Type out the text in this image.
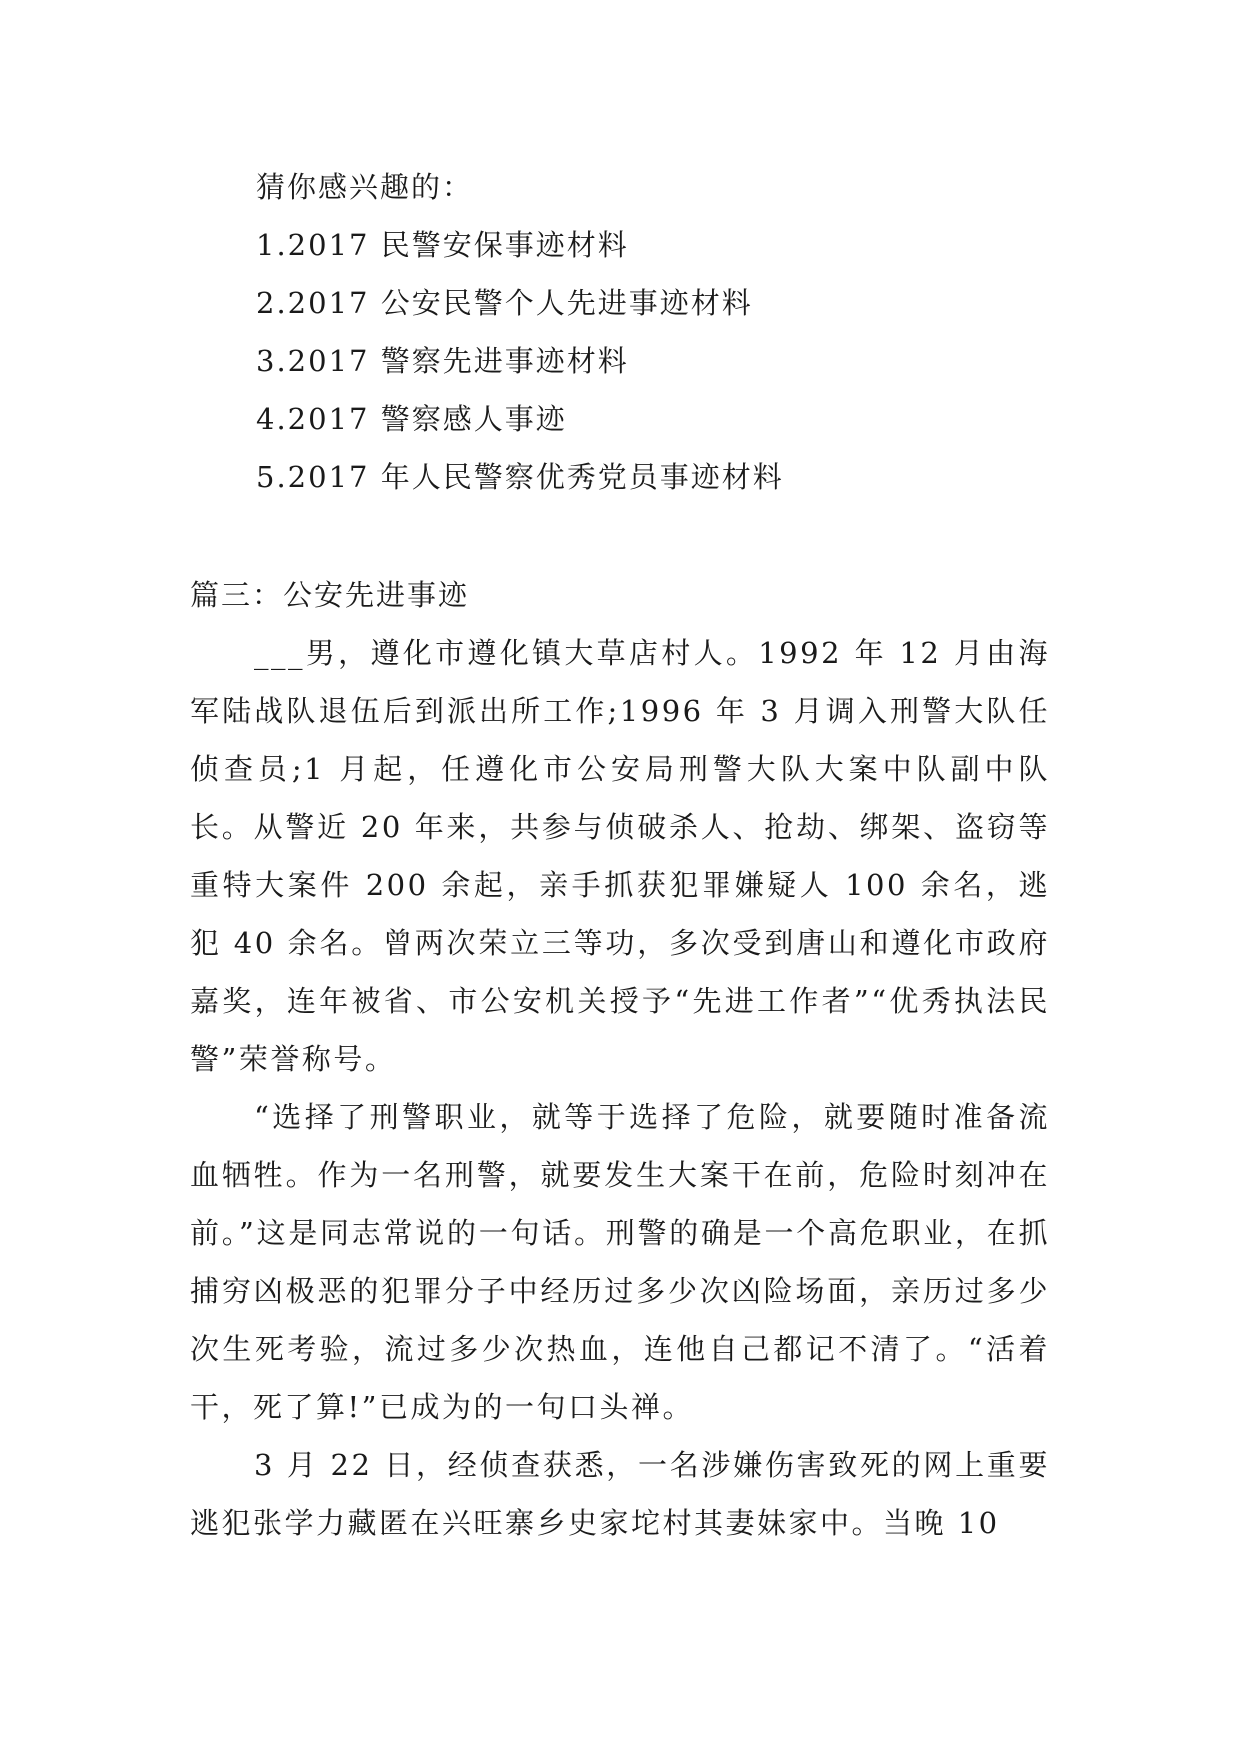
猜你感兴趣的：
1.2017 民警安保事迹材料
2.2017 公安民警个人先进事迹材料
3.2017 警察先进事迹材料
4.2017 警察感人事迹
5.2017 年人民警察优秀党员事迹材料
篇三：公安先进事迹

___男，遵化市遵化镇大草店村人。1992 年 12 月由海军陆战队退伍后到派出所工作;1996 年 3 月调入刑警大队任侦查员;1 月起，任遵化市公安局刑警大队大案中队副中队长。从警近 20 年来，共参与侦破杀人、抢劫、绑架、盗窃等重特大案件 200 余起，亲手抓获犯罪嫌疑人 100 余名，逃犯 40 余名。曾两次荣立三等功，多次受到唐山和遵化市政府嘉奖，连年被省、市公安机关授予“先进工作者”“优秀执法民警”荣誉称号。

“选择了刑警职业，就等于选择了危险，就要随时准备流血牺牲。作为一名刑警，就要发生大案干在前，危险时刻冲在前。”这是同志常说的一句话。刑警的确是一个高危职业，在抓捕穷凶极恶的犯罪分子中经历过多少次凶险场面，亲历过多少次生死考验，流过多少次热血，连他自己都记不清了。“活着干，死了算!”已成为的一句口头禅。

3 月 22 日，经侦查获悉，一名涉嫌伤害致死的网上重要逃犯张学力藏匿在兴旺寨乡史家坨村其妻妹家中。当晚 10
